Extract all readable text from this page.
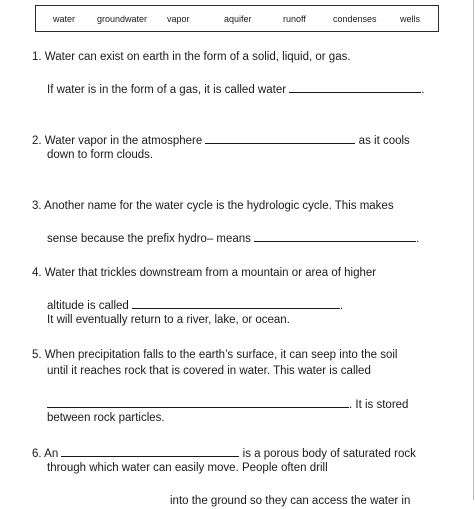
water groundwater vapor	aquifer	runoff	condenses	wells
1. Water can exist on earth in the form of a solid, liquid, or gas.
If water is in the form of a gas, it is called water	.
2. Water vapor in the atmosphere	as it cools
down to form clouds.
3. Another name for the water cycle is the hydrologic cycle. This makes
sense because the prefix hydro– means	.
4. Water that trickles downstream from a mountain or area of higher
altitude is called	.
It will eventually return to a river, lake, or ocean.
5. When precipitation falls to the earth’s surface, it can seep into the soil
until it reaches rock that is covered in water. This water is called
. It is stored
between rock particles.
6. An	is a porous body of saturated rock
through which water can easily move. People often drill
into the ground so they can access the water in
